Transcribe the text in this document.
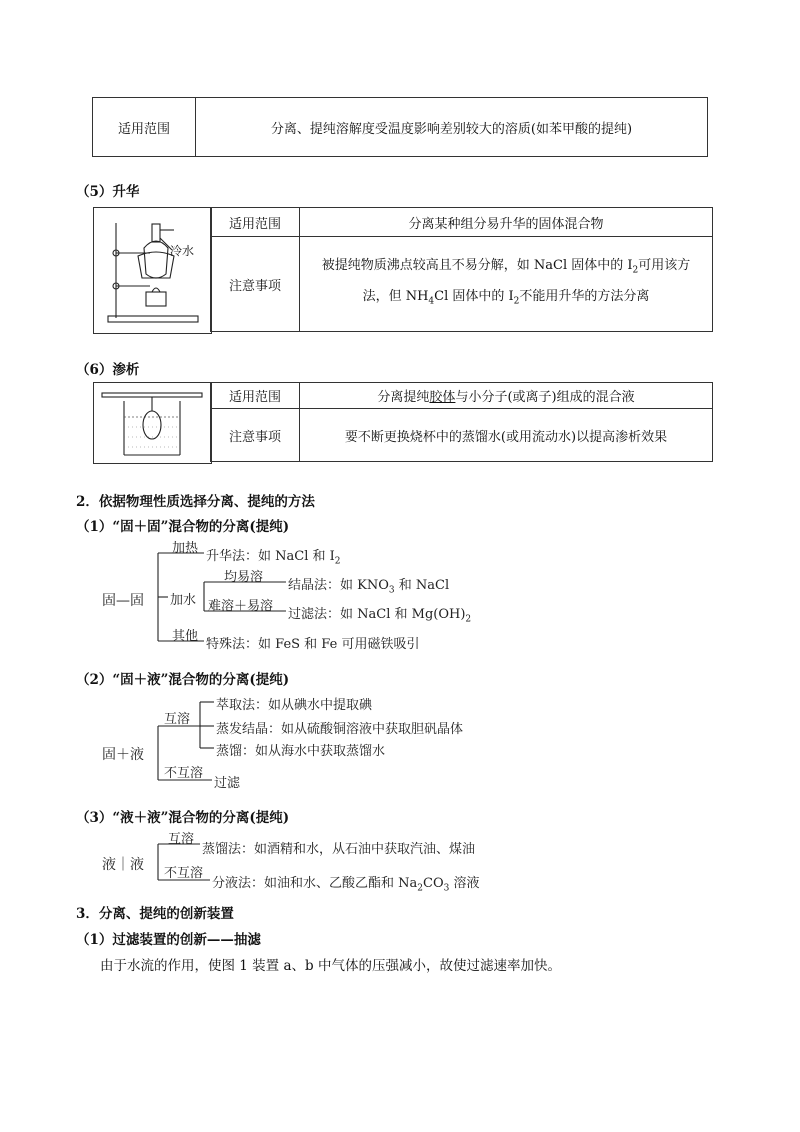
适用范围	分离、提纯溶解度受温度影响差别较大的溶质(如苯甲酸的提纯)
（5）升华
冷水
适用范围	分离某种组分易升华的固体混合物
注意事项	被提纯物质沸点较高且不易分解，如 NaCl 固体中的 $I_2$可用该方
法，但 $NH_4Cl$ 固体中的 $I_2$不能用升华的方法分离
（6）渗析
适用范围	分离提纯胶体与小分子(或离子)组成的混合液
注意事项	要不断更换烧杯中的蒸馏水(或用流动水)以提高渗析效果
2．依据物理性质选择分离、提纯的方法
（1）“固＋固”混合物的分离(提纯)
固—固
加热
升华法：如 NaCl 和 $I_2$
加水
均易溶
结晶法：如 $KNO_3$ 和 NaCl
难溶＋易溶
过滤法：如 NaCl 和 $Mg(OH)_2$
其他
特殊法：如 FeS 和 Fe 可用磁铁吸引
（2）“固＋液”混合物的分离(提纯)
固＋液
互溶
萃取法：如从碘水中提取碘
蒸发结晶：如从硫酸铜溶液中获取胆矾晶体
蒸馏：如从海水中获取蒸馏水
不互溶
过滤
（3）“液＋液”混合物的分离(提纯)
液｜液
互溶
蒸馏法：如酒精和水，从石油中获取汽油、煤油
不互溶
分液法：如油和水、乙酸乙酯和 $Na_2CO_3$ 溶液
3．分离、提纯的创新装置
（1）过滤装置的创新——抽滤
由于水流的作用，使图 1 装置 a、b 中气体的压强减小，故使过滤速率加快。
